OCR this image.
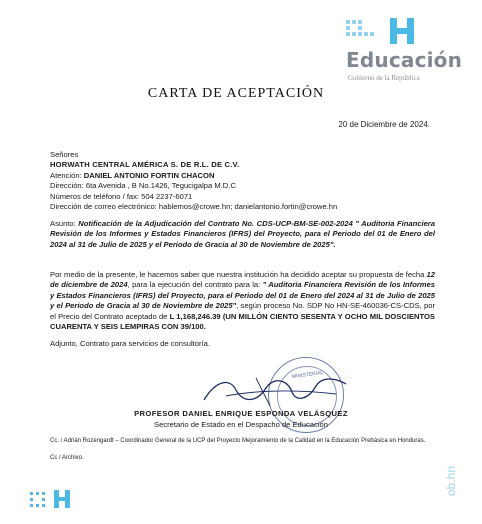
Educación
Gobierno de la República
CARTA DE ACEPTACIÓN
20 de Diciembre de 2024.
Señores
HORWATH CENTRAL AMÉRICA S. DE R.L. DE C.V.
Atención: DANIEL ANTONIO FORTIN CHACON
Dirección: 6ta Avenida , B No.1426, Tegucigalpa M.D.C
Números de teléfono / fax: 504 2237-6071
Dirección de correo electrónico: hablemos@crowe.hn; danielantonio.fortin@crowe.hn
Asunto: Notificación de la Adjudicación del Contrato No. CDS-UCP-BM-SE-002-2024 " Auditoria Financiera Revisión de los Informes y Estados Financieros (IFRS) del Proyecto, para el Periodo del 01 de Enero del 2024 al 31 de Julio de 2025 y el Periodo de Gracia al 30 de Noviembre de 2025".
Por medio de la presente, le hacemos saber que nuestra institución ha decidido aceptar su propuesta de fecha 12 de diciembre de 2024, para la ejecución del contrato para la: " Auditoria Financiera Revisión de los Informes y Estados Financieros (IFRS) del Proyecto, para el Periodo del 01 de Enero del 2024 al 31 de Julio de 2025 y el Periodo de Gracia al 30 de Noviembre de 2025", según proceso No. SDP No HN-SE-460036-CS-CDS, por el Precio del Contrato aceptado de L 1,168,246.39 (UN MILLÓN CIENTO SESENTA Y OCHO MIL DOSCIENTOS CUARENTA Y SEIS LEMPIRAS CON 39/100.
Adjunto, Contrato para servicios de consultoría.
MINISTERIAL
PROFESOR DANIEL ENRIQUE ESPONDA VELÁSQUEZ
Secretario de Estado en el Despacho de Educación
Cc. / Adrián Rozengardt – Coordinador General de la UCP del Proyecto Mejoramiento de la Calidad en la Educación Prebásica en Honduras.
Cc / Archivo.
ob.hn
